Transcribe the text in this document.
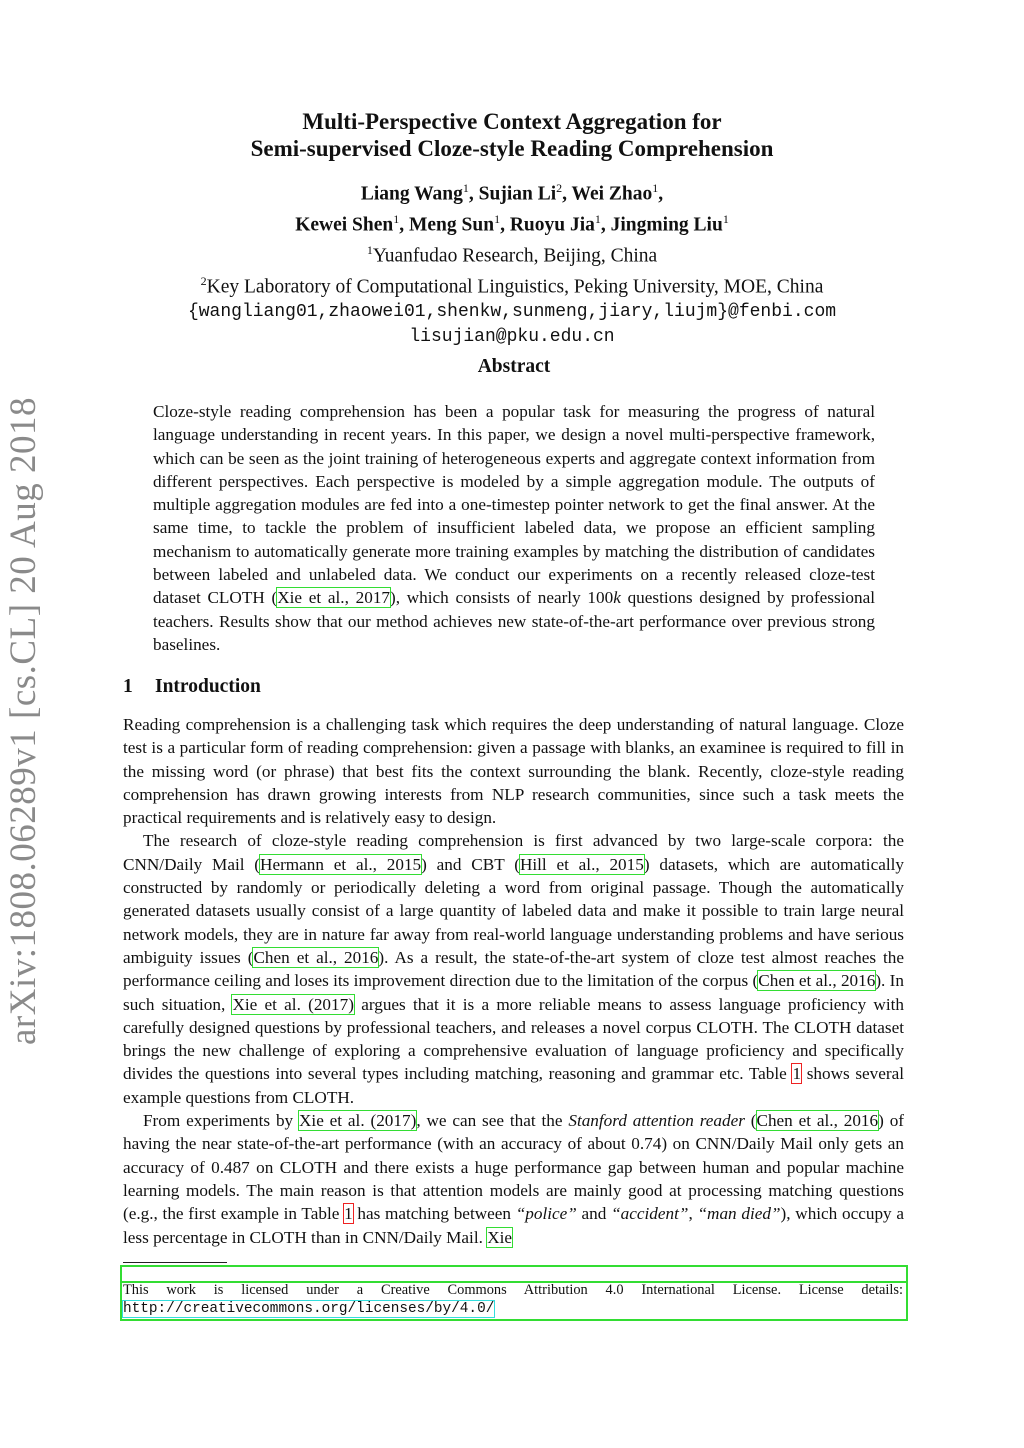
arXiv:1808.06289v1 [cs.CL] 20 Aug 2018
Multi-Perspective Context Aggregation for
Semi-supervised Cloze-style Reading Comprehension
Liang Wang$^1$, Sujian Li$^2$, Wei Zhao$^1$,
Kewei Shen$^1$, Meng Sun$^1$, Ruoyu Jia$^1$, Jingming Liu$^1$
$^1$Yuanfudao Research, Beijing, China
$^2$Key Laboratory of Computational Linguistics, Peking University, MOE, China
{wangliang01,zhaowei01,shenkw,sunmeng,jiary,liujm}@fenbi.com
lisujian@pku.edu.cn
Abstract
Cloze-style reading comprehension has been a popular task for measuring the progress of natural language understanding in recent years. In this paper, we design a novel multi-perspective framework, which can be seen as the joint training of heterogeneous experts and aggregate context information from different perspectives. Each perspective is modeled by a simple aggregation module. The outputs of multiple aggregation modules are fed into a one-timestep pointer network to get the final answer. At the same time, to tackle the problem of insufficient labeled data, we propose an efficient sampling mechanism to automatically generate more training examples by matching the distribution of candidates between labeled and unlabeled data. We conduct our experiments on a recently released cloze-test dataset CLOTH (Xie et al., 2017), which consists of nearly 100k questions designed by professional teachers. Results show that our method achieves new state-of-the-art performance over previous strong baselines.
1 Introduction

Reading comprehension is a challenging task which requires the deep understanding of natural language. Cloze test is a particular form of reading comprehension: given a passage with blanks, an examinee is required to fill in the missing word (or phrase) that best fits the context surrounding the blank. Recently, cloze-style reading comprehension has drawn growing interests from NLP research communities, since such a task meets the practical requirements and is relatively easy to design.

The research of cloze-style reading comprehension is first advanced by two large-scale corpora: the CNN/Daily Mail (Hermann et al., 2015) and CBT (Hill et al., 2015) datasets, which are automatically constructed by randomly or periodically deleting a word from original passage. Though the automatically generated datasets usually consist of a large quantity of labeled data and make it possible to train large neural network models, they are in nature far away from real-world language understanding problems and have serious ambiguity issues (Chen et al., 2016). As a result, the state-of-the-art system of cloze test almost reaches the performance ceiling and loses its improvement direction due to the limitation of the corpus (Chen et al., 2016). In such situation, Xie et al. (2017) argues that it is a more reliable means to assess language proficiency with carefully designed questions by professional teachers, and releases a novel corpus CLOTH. The CLOTH dataset brings the new challenge of exploring a comprehensive evaluation of language proficiency and specifically divides the questions into several types including matching, reasoning and grammar etc. Table 1 shows several example questions from CLOTH.

From experiments by Xie et al. (2017), we can see that the Stanford attention reader (Chen et al., 2016) of having the near state-of-the-art performance (with an accuracy of about 0.74) on CNN/Daily Mail only gets an accuracy of 0.487 on CLOTH and there exists a huge performance gap between human and popular machine learning models. The main reason is that attention models are mainly good at processing matching questions (e.g., the first example in Table 1 has matching between “police” and “accident”, “man died”), which occupy a less percentage in CLOTH than in CNN/Daily Mail. Xie

This work is licensed under a Creative Commons Attribution 4.0 International License. License details: http://creativecommons.org/licenses/by/4.0/
